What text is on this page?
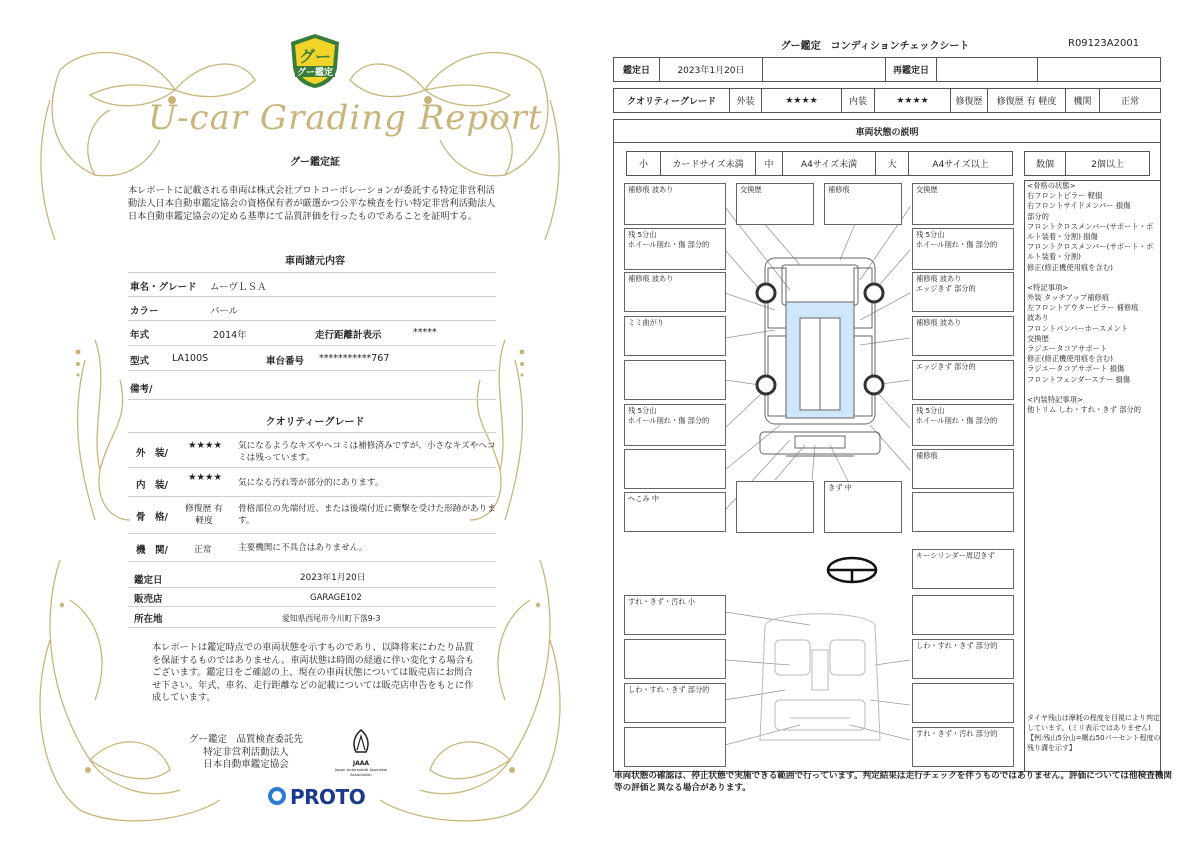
グー
グー鑑定
U-car Grading Report
グー鑑定証
本レポートに記載される車両は株式会社プロトコーポレーションが委託する特定非営利活動法人日本自動車鑑定協会の資格保有者が厳選かつ公平な検査を行い特定非営利活動法人日本自動車鑑定協会の定める基準にて品質評価を行ったものであることを証明する。
車両諸元内容
車名・グレード ムーヴＬＳＡ
カラー	パール
年式	2014年	走行距離計表示	*****
型式 LA100S	車台番号 ***********767
備考/
クオリティーグレード
外　装/
★★★★ 気になるようなキズやヘコミは補修済みですが、小さなキズやヘコミは残っています。
内　装/
★★★★ 気になる汚れ等が部分的にあります。
骨　格/
修復歴 有 軽度
骨格部位の先端付近、または後端付近に衝撃を受けた形跡があります。
機　関/	正常	主要機関に不具合はありません。
鑑定日	2023年1月20日
販売店	GARAGE102
所在地	愛知県西尾市今川町下落9-3
本レポートは鑑定時点での車両状態を示すものであり、以降将来にわたり品質を保証するものではありません。車両状態は時間の経過に伴い変化する場合もございます。鑑定日をご確認の上、現在の車両状態については販売店にお問合せ下さい。年式、車名、走行距離などの記載については販売店申告をもとに作成しています。
グー鑑定　品質検査委託先
特定非営利活動法人
日本自動車鑑定協会	JAAA
Japan Automobile Appraisal Association
PROTO
グー鑑定　コンディションチェックシート	R09123A2001
鑑定日	2023年1月20日	再鑑定日
クオリティーグレード	外装	★★★★	内装	★★★★	修復歴	修復歴 有 軽度	機関	正常
車両状態の説明
小	カードサイズ未満	中	A4サイズ未満	大	A4サイズ以上	数個	2個以上
補修痕 波あり	交換歴	補修痕	交換歴
残 5分山
ホイール削れ・傷 部分的
残 5分山
ホイール削れ・傷 部分的
補修痕 波あり	補修痕 波あり
エッジきず 部分的
ミミ曲がり	補修痕 波あり
エッジきず 部分的
残 5分山
ホイール削れ・傷 部分的
残 5分山
ホイール削れ・傷 部分的
補修痕
へこみ 中
きず 中
キーシリンダー周辺きず
すれ・きず・汚れ 小
しわ・すれ・きず 部分的
しわ・すれ・きず 部分的
すれ・きず・汚れ 部分的
<骨格の状態>
右フロントピラー 軽損
右フロントサイドメンバー 損傷
部分的
フロントクロスメンバー(サポート・ボ
ルト装着・分割) 損傷
フロントクロスメンバー(サポート・ボ
ルト装着・分割)
修正(修正機使用痕を含む)
<特記事項>
外装 タッチアップ補修痕
左フロントアウターピラー 補修痕
波あり
フロントバンパーホースメント
交換歴
ラジエータコアサポート
修正(修正機使用痕を含む)
ラジエータコアサポート 損傷
フロントフェンダーステー 損傷
<内装特記事項>
他トリム しわ・すれ・きず 部分的
タイヤ残山は摩耗の程度を目視により判定しています。(ミリ表示ではありません)【例:残山5分山=概ね50パーセント程度の残り溝を示す】
車両状態の確認は、停止状態で実施できる範囲で行っています。判定結果は走行チェックを伴うものではありません。評価については他検査機関等の評価と異なる場合があります。
